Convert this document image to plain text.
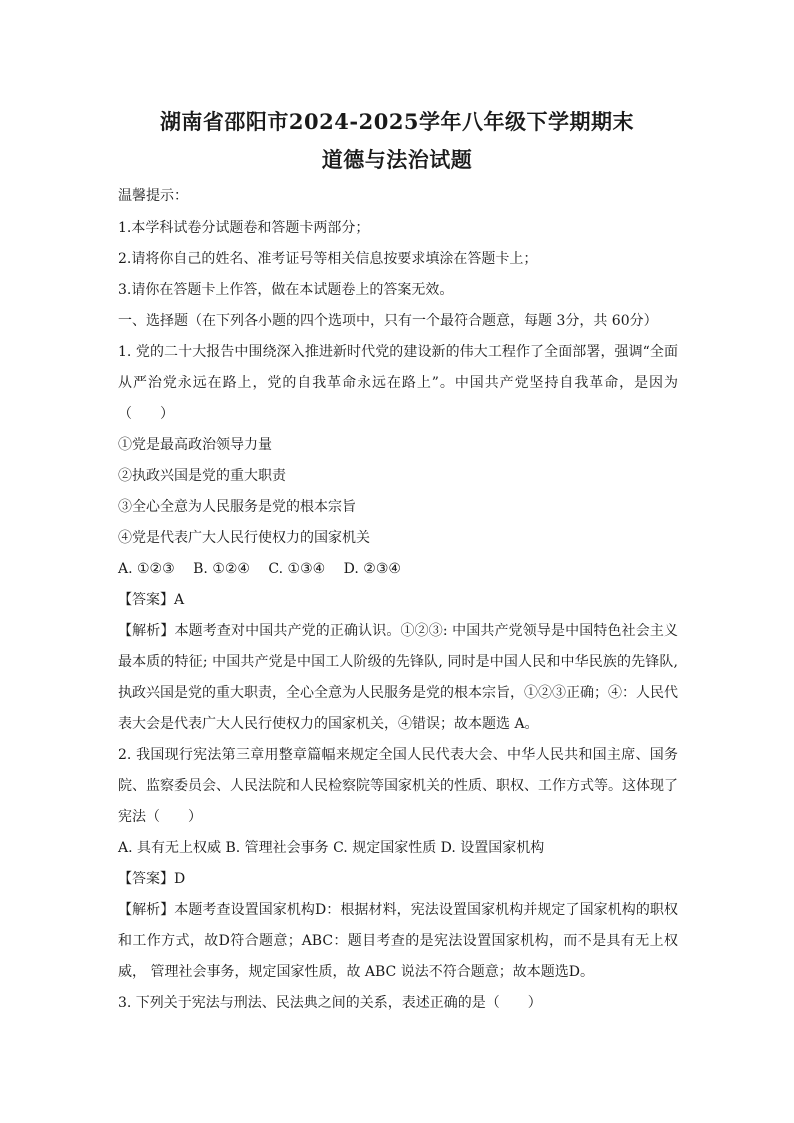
湖南省邵阳市2024-2025学年八年级下学期期末
道德与法治试题
温馨提示：
1.本学科试卷分试题卷和答题卡两部分；
2.请将你自己的姓名、准考证号等相关信息按要求填涂在答题卡上；
3.请你在答题卡上作答，做在本试题卷上的答案无效。
一、选择题（在下列各小题的四个选项中，只有一个最符合题意，每题 3分，共 60分）
1. 党的二十大报告中围绕深入推进新时代党的建设新的伟大工程作了全面部署，强调“全面
从严治党永远在路上，党的自我革命永远在路上”。中国共产党坚持自我革命，是因为
（　　）
①党是最高政治领导力量
②执政兴国是党的重大职责
③全心全意为人民服务是党的根本宗旨
④党是代表广大人民行使权力的国家机关
A. ①②③ B. ①②④ C. ①③④ D. ②③④
【答案】A
【解析】本题考查对中国共产党的正确认识。①②③: 中国共产党领导是中国特色社会主义
最本质的特征; 中国共产党是中国工人阶级的先锋队, 同时是中国人民和中华民族的先锋队,
执政兴国是党的重大职责，全心全意为人民服务是党的根本宗旨，①②③正确；④：人民代
表大会是代表广大人民行使权力的国家机关，④错误；故本题选 A。
2. 我国现行宪法第三章用整章篇幅来规定全国人民代表大会、中华人民共和国主席、国务
院、监察委员会、人民法院和人民检察院等国家机关的性质、职权、工作方式等。这体现了
宪法（　　）
A. 具有无上权威 B. 管理社会事务 C. 规定国家性质 D. 设置国家机构
【答案】D
【解析】本题考查设置国家机构D：根据材料，宪法设置国家机构并规定了国家机构的职权
和工作方式，故D符合题意；ABC：题目考查的是宪法设置国家机构，而不是具有无上权
威， 管理社会事务，规定国家性质，故 ABC 说法不符合题意；故本题选D。
3. 下列关于宪法与刑法、民法典之间的关系，表述正确的是（　　）
